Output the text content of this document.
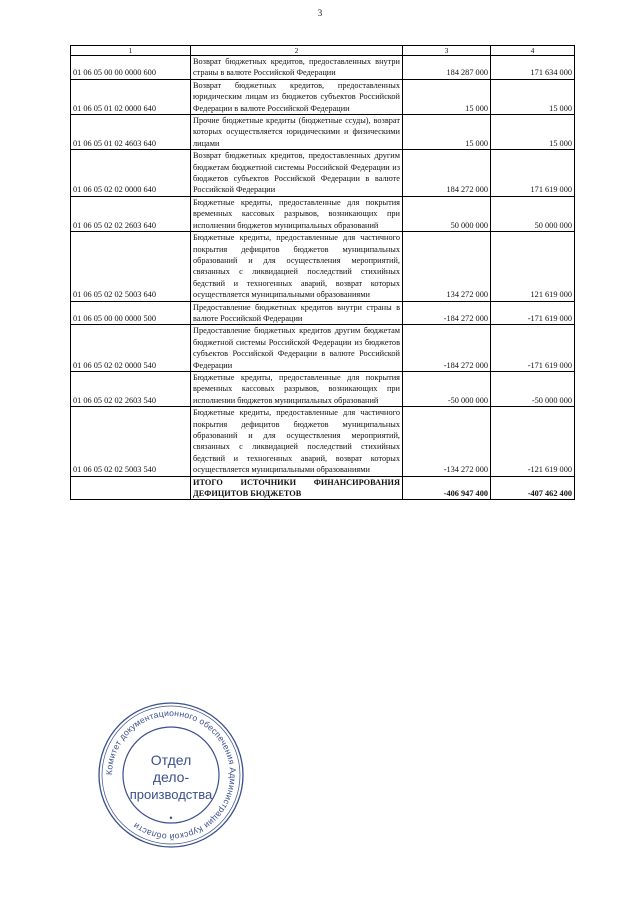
3
1	2	3	4
01 06 05 00 00 0000 600	Возврат бюджетных кредитов, предоставленных внутри страны в валюте Российской Федерации	184 287 000	171 634 000
01 06 05 01 02 0000 640	Возврат бюджетных кредитов, предоставленных юридическим лицам из бюджетов субъектов Российской Федерации в валюте Российской Федерации	15 000	15 000
01 06 05 01 02 4603 640	Прочие бюджетные кредиты (бюджетные ссуды), возврат которых осуществляется юридическими и физическими лицами	15 000	15 000
01 06 05 02 02 0000 640	Возврат бюджетных кредитов, предоставленных другим бюджетам бюджетной системы Российской Федерации из бюджетов субъектов Российской Федерации в валюте Российской Федерации	184 272 000	171 619 000
01 06 05 02 02 2603 640	Бюджетные кредиты, предоставленные для покрытия временных кассовых разрывов, возникающих при исполнении бюджетов муниципальных образований	50 000 000	50 000 000
01 06 05 02 02 5003 640	Бюджетные кредиты, предоставленные для частичного покрытия дефицитов бюджетов муниципальных образований и для осуществления мероприятий, связанных с ликвидацией последствий стихийных бедствий и техногенных аварий, возврат которых осуществляется муниципальными образованиями	134 272 000	121 619 000
01 06 05 00 00 0000 500	Предоставление бюджетных кредитов внутри страны в валюте Российской Федерации	-184 272 000	-171 619 000
01 06 05 02 02 0000 540	Предоставление бюджетных кредитов другим бюджетам бюджетной системы Российской Федерации из бюджетов субъектов Российской Федерации в валюте Российской Федерации	-184 272 000	-171 619 000
01 06 05 02 02 2603 540	Бюджетные кредиты, предоставленные для покрытия временных кассовых разрывов, возникающих при исполнении бюджетов муниципальных образований	-50 000 000	-50 000 000
01 06 05 02 02 5003 540	Бюджетные кредиты, предоставленные для частичного покрытия дефицитов бюджетов муниципальных образований и для осуществления мероприятий, связанных с ликвидацией последствий стихийных бедствий и техногенных аварий, возврат которых осуществляется муниципальными образованиями	-134 272 000	-121 619 000
	ИТОГО ИСТОЧНИКИ ФИНАНСИРОВАНИЯ ДЕФИЦИТОВ БЮДЖЕТОВ	-406 947 400	-407 462 400
Комитет документационного обеспечения Администрации Курской области
Отдел
дело-
производства
•
